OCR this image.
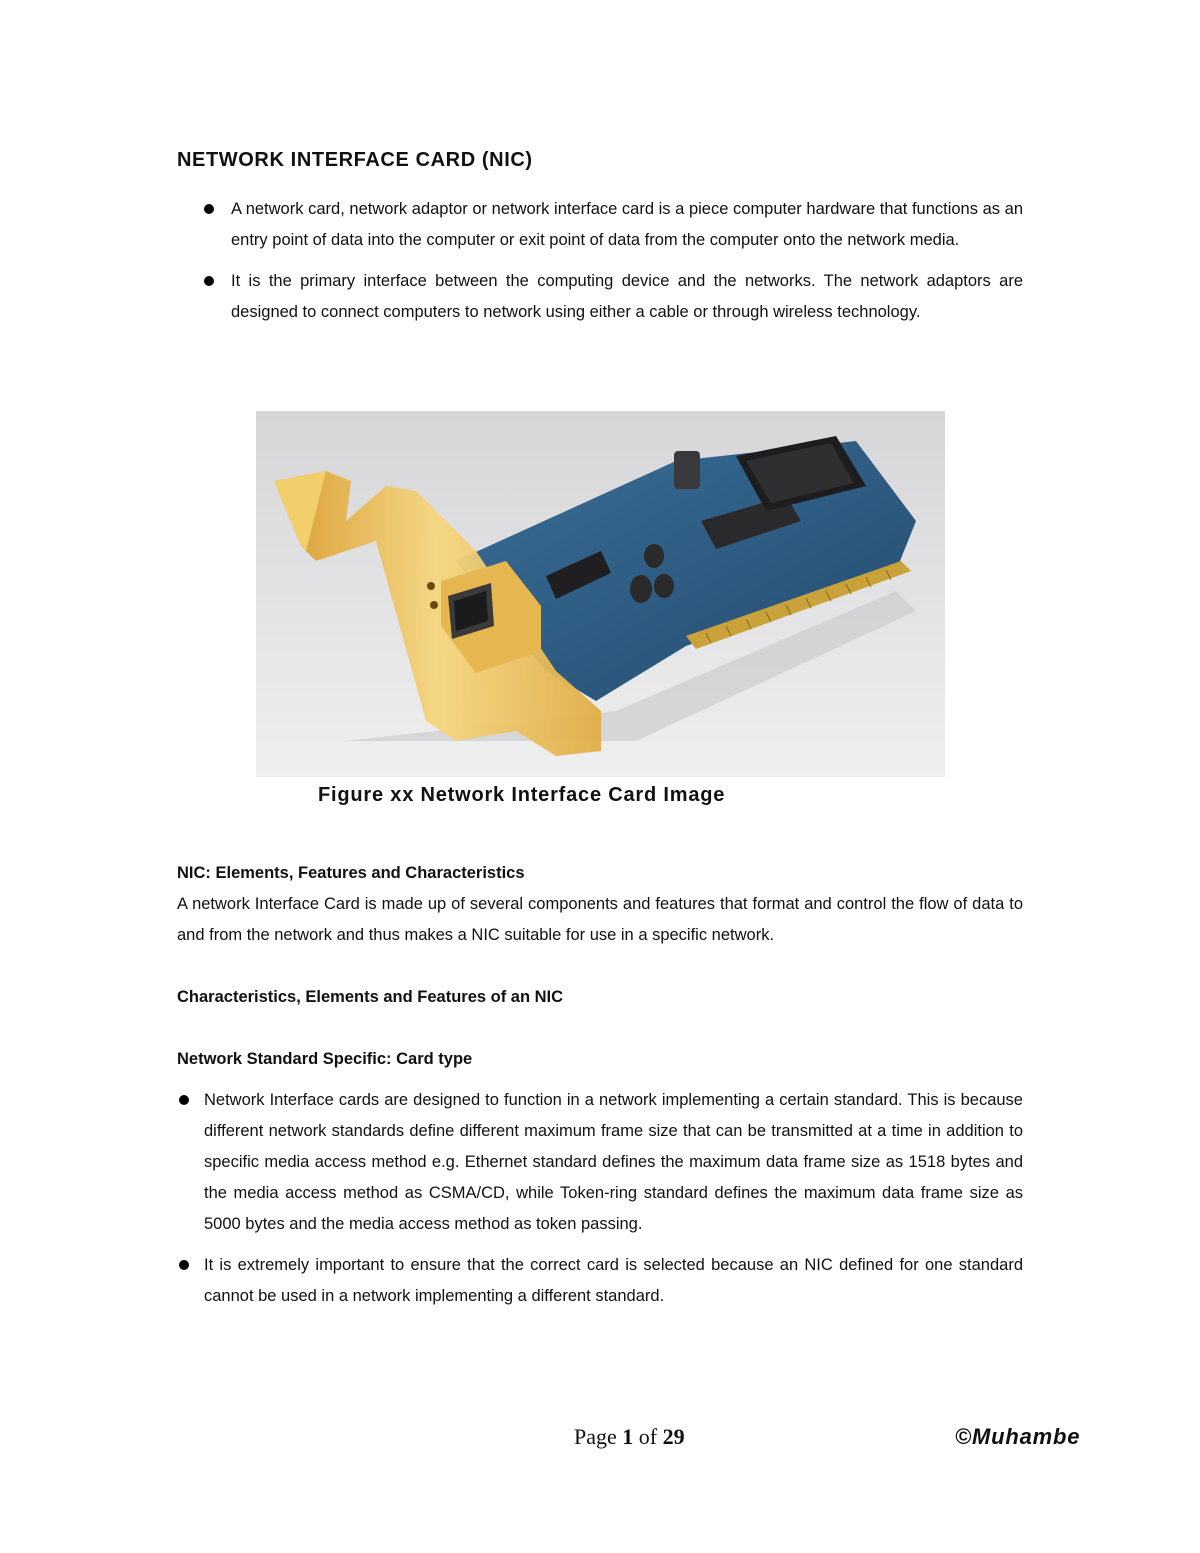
NETWORK INTERFACE CARD (NIC)
A network card, network adaptor or network interface card is a piece computer hardware that functions as an entry point of data into the computer or exit point of data from the computer onto the network media.
It is the primary interface between the computing device and the networks. The network adaptors are designed to connect computers to network using either a cable or through wireless technology.
Figure xx Network Interface Card Image

NIC: Elements, Features and Characteristics

A network Interface Card is made up of several components and features that format and control the flow of data to and from the network and thus makes a NIC suitable for use in a specific network.

Characteristics, Elements and Features of an NIC

Network Standard Specific: Card type

Network Interface cards are designed to function in a network implementing a certain standard. This is because different network standards define different maximum frame size that can be transmitted at a time in addition to specific media access method e.g. Ethernet standard defines the maximum data frame size as 1518 bytes and the media access method as CSMA/CD, while Token-ring standard defines the maximum data frame size as 5000 bytes and the media access method as token passing.
It is extremely important to ensure that the correct card is selected because an NIC defined for one standard cannot be used in a network implementing a different standard.
Page 1 of 29	©Muhambe
